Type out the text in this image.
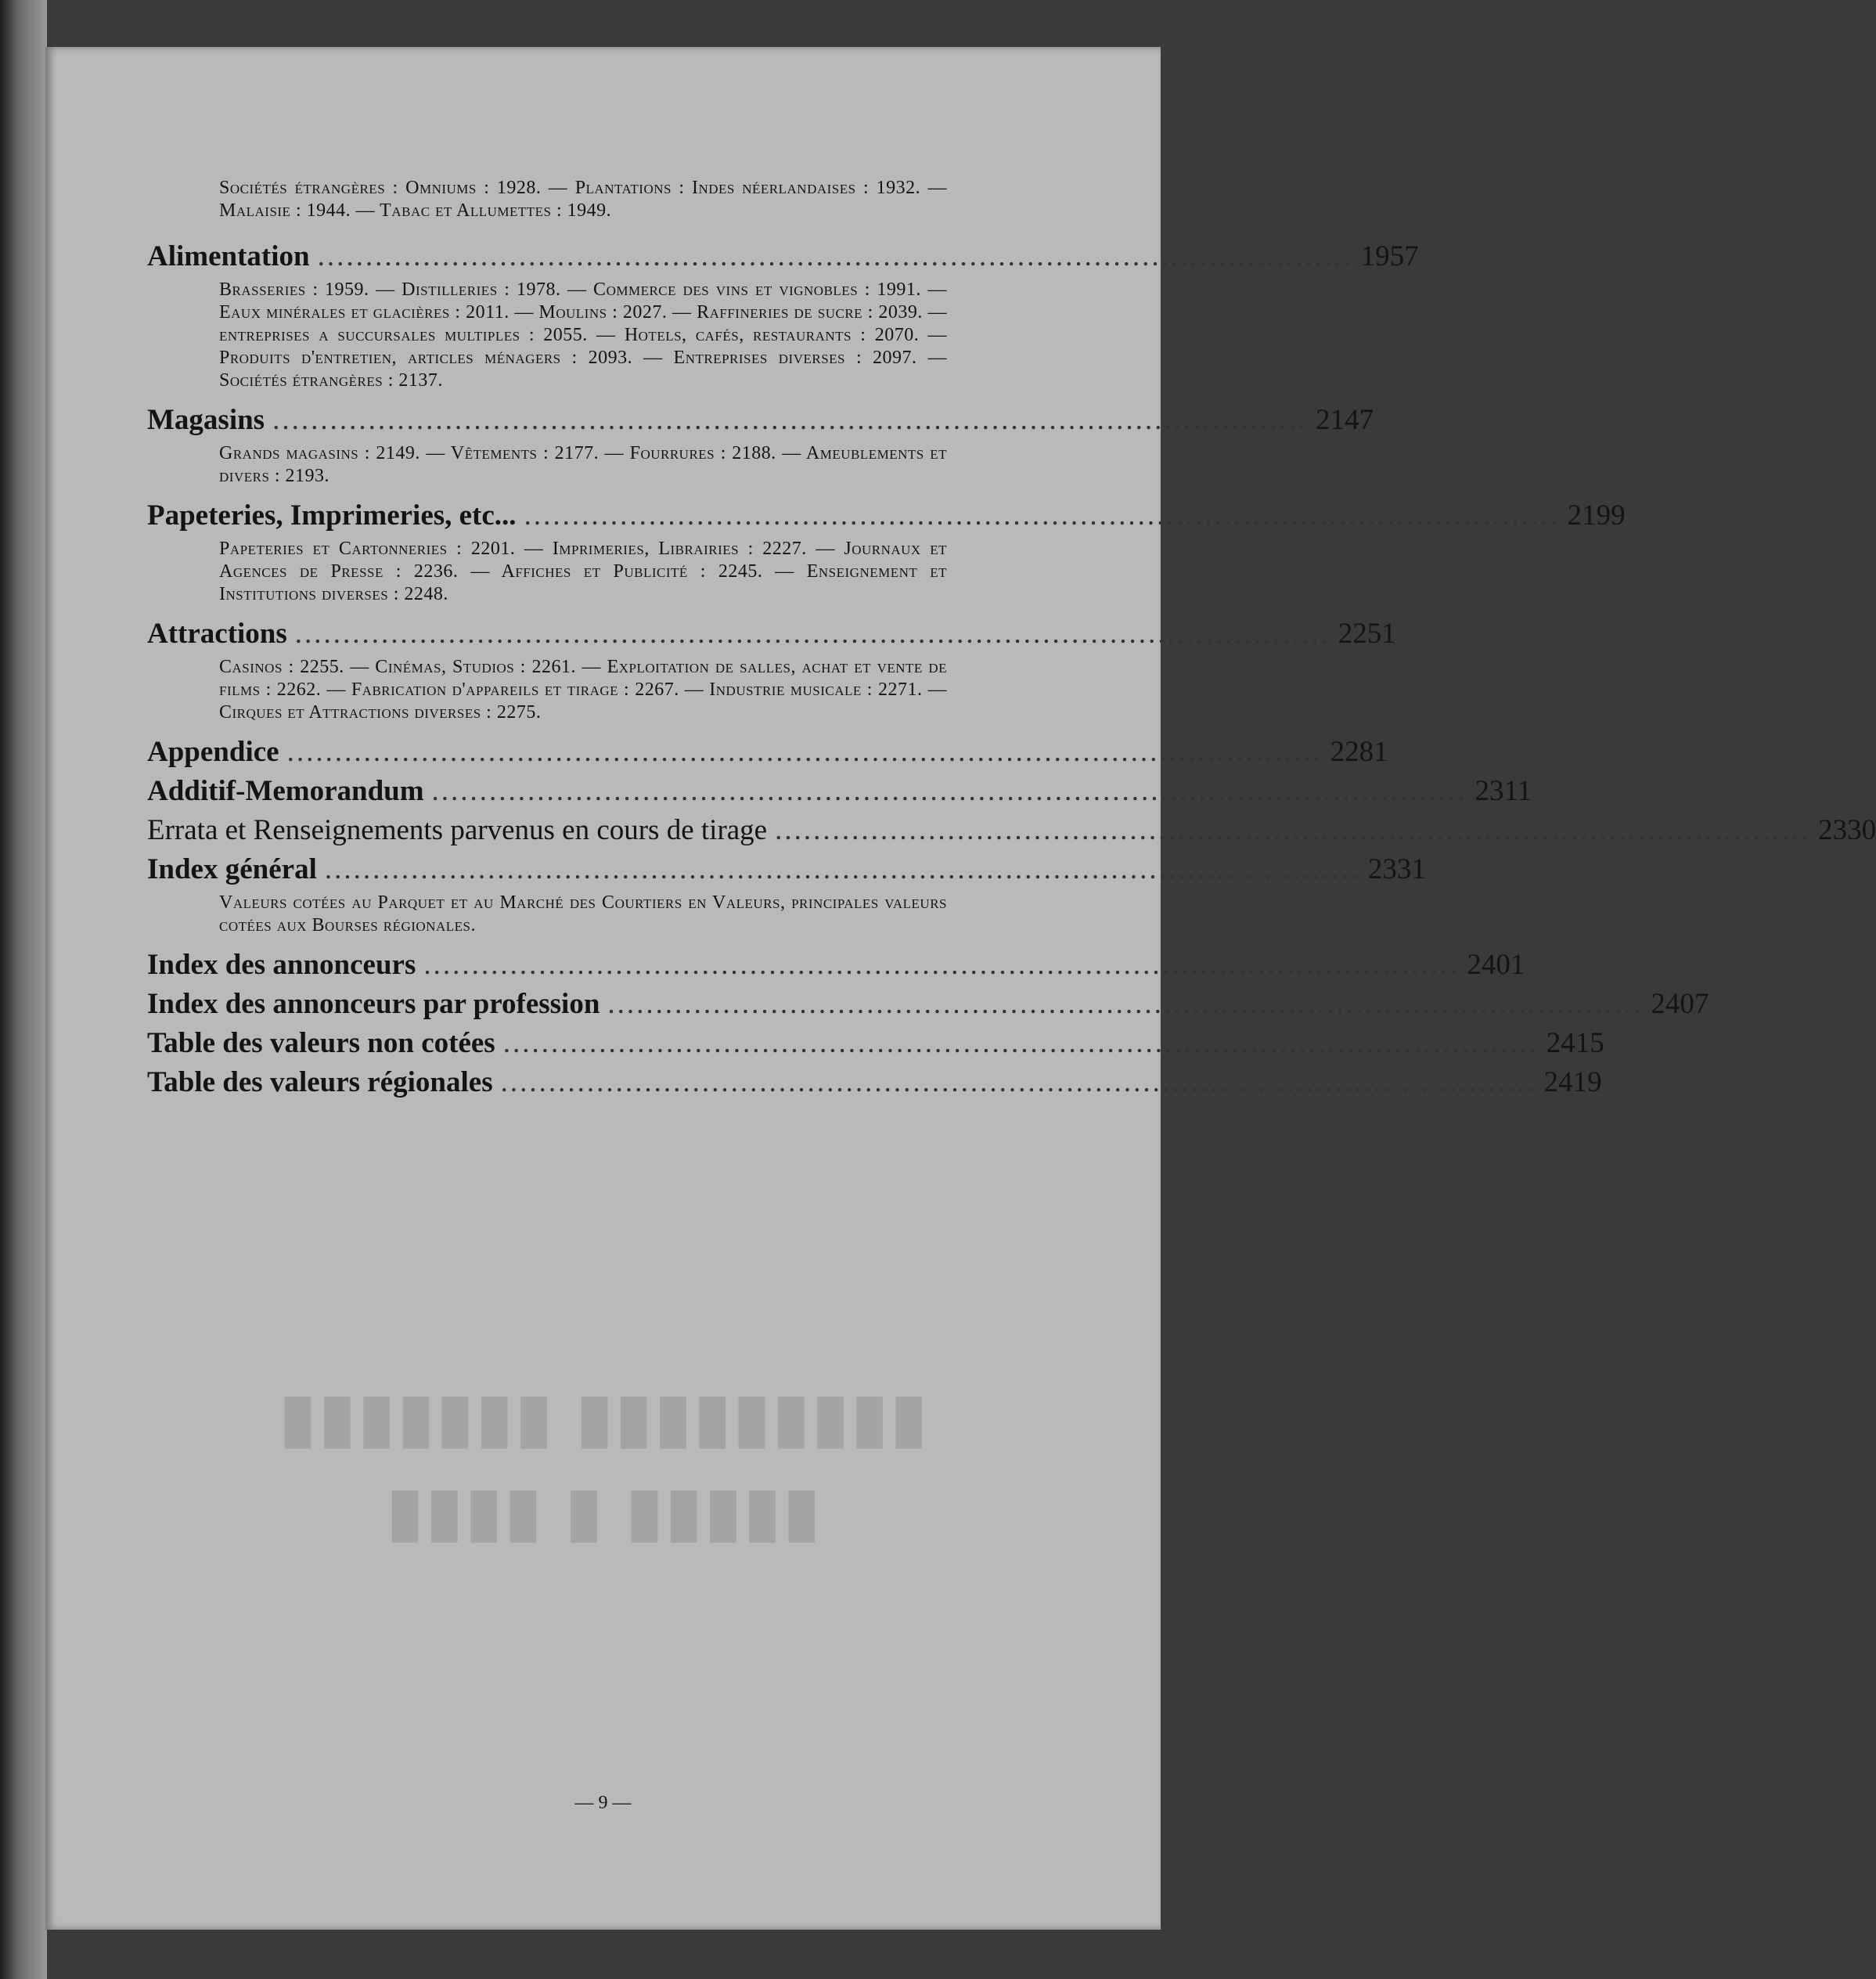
▮▮▮▮▮▮▮ ▮▮▮▮▮▮▮▮▮
▮▮▮▮ ▮ ▮▮▮▮▮
Sociétés étrangères : Omniums : 1928. — Plantations : Indes néerlandaises : 1932. — Malaisie : 1944. — Tabac et Allumettes : 1949.
Alimentation ............................................................................................................ 1957
Brasseries : 1959. — Distilleries : 1978. — Commerce des vins et vignobles : 1991. — Eaux minérales et glacières : 2011. — Moulins : 2027. — Raffineries de sucre : 2039. — entreprises a succursales multiples : 2055. — Hotels, cafés, restaurants : 2070. — Produits d'entretien, articles ménagers : 2093. — Entreprises diverses : 2097. — Sociétés étrangères : 2137.
Magasins ............................................................................................................ 2147
Grands magasins : 2149. — Vêtements : 2177. — Fourrures : 2188. — Ameublements et divers : 2193.
Papeteries, Imprimeries, etc... ............................................................................................................ 2199
Papeteries et Cartonneries : 2201. — Imprimeries, Librairies : 2227. — Journaux et Agences de Presse : 2236. — Affiches et Publicité : 2245. — Enseignement et Institutions diverses : 2248.
Attractions ............................................................................................................ 2251
Casinos : 2255. — Cinémas, Studios : 2261. — Exploitation de salles, achat et vente de films : 2262. — Fabrication d'appareils et tirage : 2267. — Industrie musicale : 2271. — Cirques et Attractions diverses : 2275.
Appendice ............................................................................................................ 2281
Additif-Memorandum ............................................................................................................ 2311
Errata et Renseignements parvenus en cours de tirage ............................................................................................................ 2330
Index général ............................................................................................................ 2331
Valeurs cotées au Parquet et au Marché des Courtiers en Valeurs, principales valeurs cotées aux Bourses régionales.
Index des annonceurs ............................................................................................................ 2401
Index des annonceurs par profession ............................................................................................................ 2407
Table des valeurs non cotées ............................................................................................................ 2415
Table des valeurs régionales ............................................................................................................ 2419
— 9 —
